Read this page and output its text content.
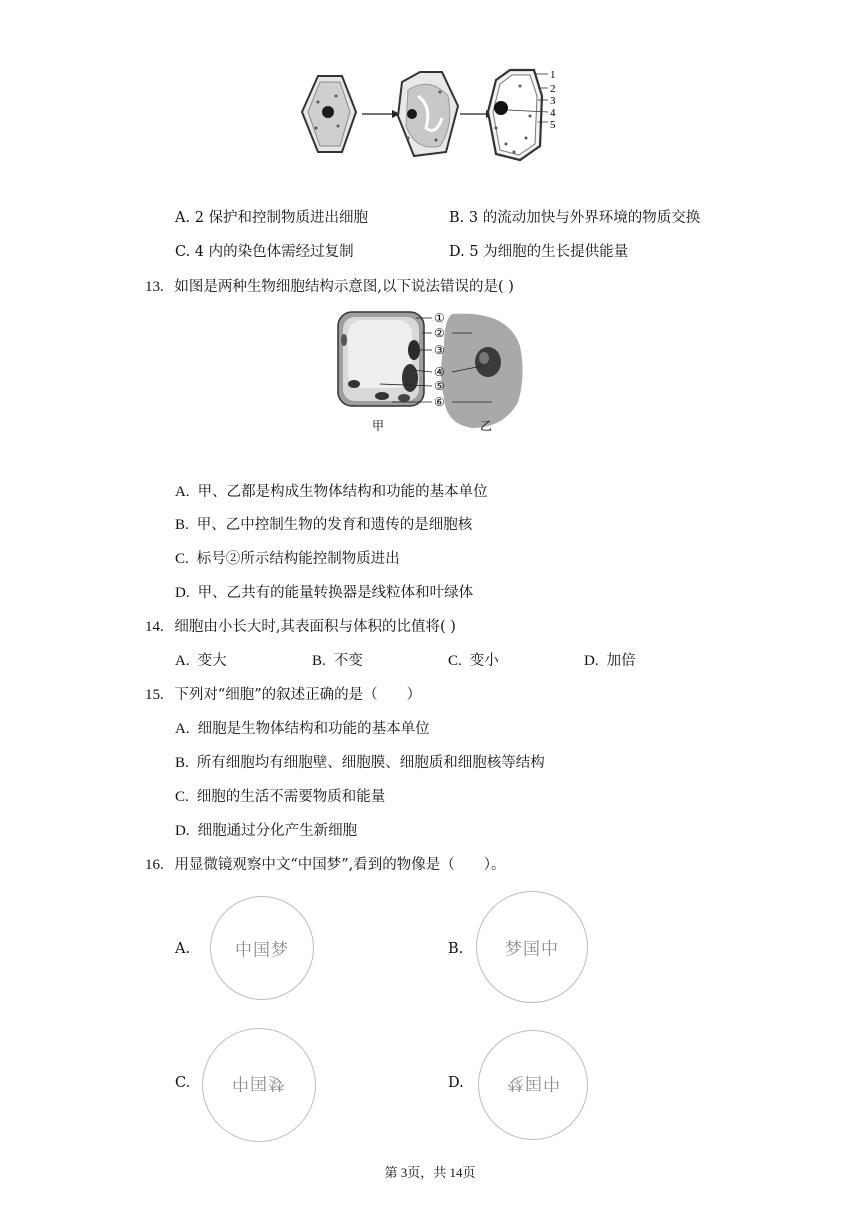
1
2
3
4
5
A. 2 保护和控制物质进出细胞	B. 3 的流动加快与外界环境的物质交换
C. 4 内的染色体需经过复制	D. 5 为细胞的生长提供能量
13. 如图是两种生物细胞结构示意图,以下说法错误的是( )
①
②
③
④
⑤
⑥
甲	乙
A. 甲、乙都是构成生物体结构和功能的基本单位
B. 甲、乙中控制生物的发育和遗传的是细胞核
C. 标号②所示结构能控制物质进出
D. 甲、乙共有的能量转换器是线粒体和叶绿体
14. 细胞由小长大时,其表面积与体积的比值将( )
A. 变大	B. 不变	C. 变小	D. 加倍
15. 下列对“细胞”的叙述正确的是（　　）
A. 细胞是生物体结构和功能的基本单位
B. 所有细胞均有细胞壁、细胞膜、细胞质和细胞核等结构
C. 细胞的生活不需要物质和能量
D. 细胞通过分化产生新细胞
16. 用显微镜观察中文“中国梦”,看到的物像是（　　）。
A.	中国梦	B.	梦国中
C.	中国梦	D.	中国梦
第 3页，共 14页
